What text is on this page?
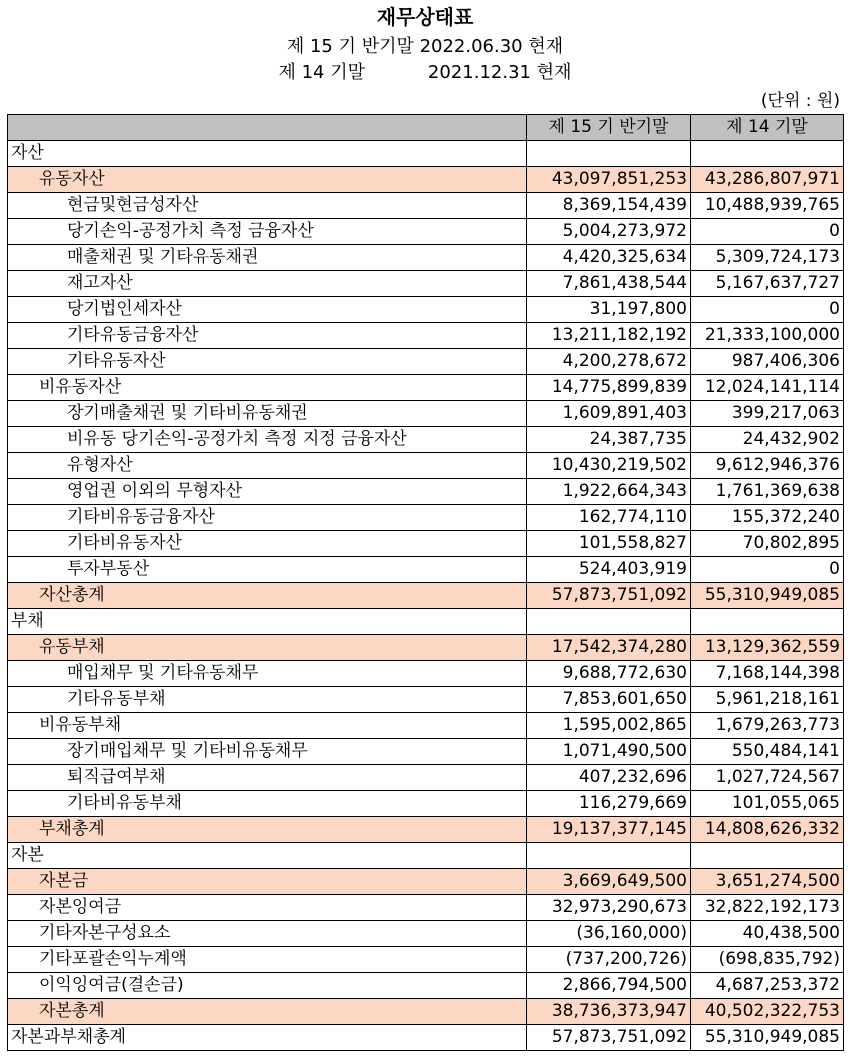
재무상태표
제 15 기 반기말 2022.06.30 현재
제 14 기말           2021.12.31 현재
(단위 : 원)
	제 15 기 반기말	제 14 기말
자산		
유동자산	43,097,851,253	43,286,807,971
현금및현금성자산	8,369,154,439	10,488,939,765
당기손익-공정가치 측정 금융자산	5,004,273,972	0
매출채권 및 기타유동채권	4,420,325,634	5,309,724,173
재고자산	7,861,438,544	5,167,637,727
당기법인세자산	31,197,800	0
기타유동금융자산	13,211,182,192	21,333,100,000
기타유동자산	4,200,278,672	987,406,306
비유동자산	14,775,899,839	12,024,141,114
장기매출채권 및 기타비유동채권	1,609,891,403	399,217,063
비유동 당기손익-공정가치 측정 지정 금융자산	24,387,735	24,432,902
유형자산	10,430,219,502	9,612,946,376
영업권 이외의 무형자산	1,922,664,343	1,761,369,638
기타비유동금융자산	162,774,110	155,372,240
기타비유동자산	101,558,827	70,802,895
투자부동산	524,403,919	0
자산총계	57,873,751,092	55,310,949,085
부채		
유동부채	17,542,374,280	13,129,362,559
매입채무 및 기타유동채무	9,688,772,630	7,168,144,398
기타유동부채	7,853,601,650	5,961,218,161
비유동부채	1,595,002,865	1,679,263,773
장기매입채무 및 기타비유동채무	1,071,490,500	550,484,141
퇴직급여부채	407,232,696	1,027,724,567
기타비유동부채	116,279,669	101,055,065
부채총계	19,137,377,145	14,808,626,332
자본		
자본금	3,669,649,500	3,651,274,500
자본잉여금	32,973,290,673	32,822,192,173
기타자본구성요소	(36,160,000)	40,438,500
기타포괄손익누계액	(737,200,726)	(698,835,792)
이익잉여금(결손금)	2,866,794,500	4,687,253,372
자본총계	38,736,373,947	40,502,322,753
자본과부채총계	57,873,751,092	55,310,949,085
